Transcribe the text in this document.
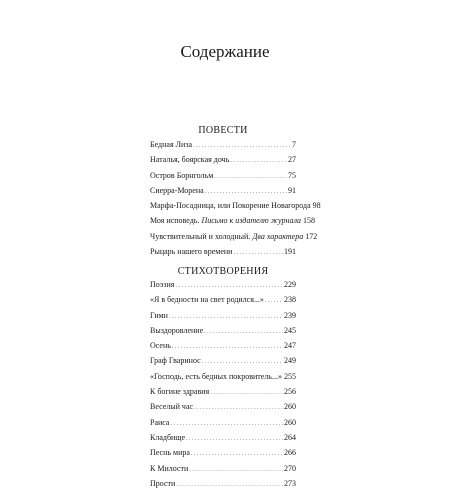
Содержание
ПОВЕСТИ
Бедная Лиза . . .	7
Наталья, боярская дочь . . .	27
Остров Борнгольм . . .	75
Сиерра-Морена . . .	91
Марфа-Посадница, или Покорение Новагорода 98
Моя исповедь. Письмо к издателю журнала 158
Чувствительный и холодный. Два характера 172
Рыцарь нашего времени . . .	191
СТИХОТВОРЕНИЯ
Поэзия . . .	229
«Я в бедности на свет родился...» . . .	238
Гимн . . .	239
Выздоровление . . .	245
Осень . . .	247
Граф Гваринос . . .	249
«Господь, есть бедных покровитель...» . . . 255
К богине здравия . . .	256
Веселый час . . .	260
Раиса . . .	260
Кладбище . . .	264
Песнь мира . . .	266
К Милости . . .	270
Прости . . .	273
